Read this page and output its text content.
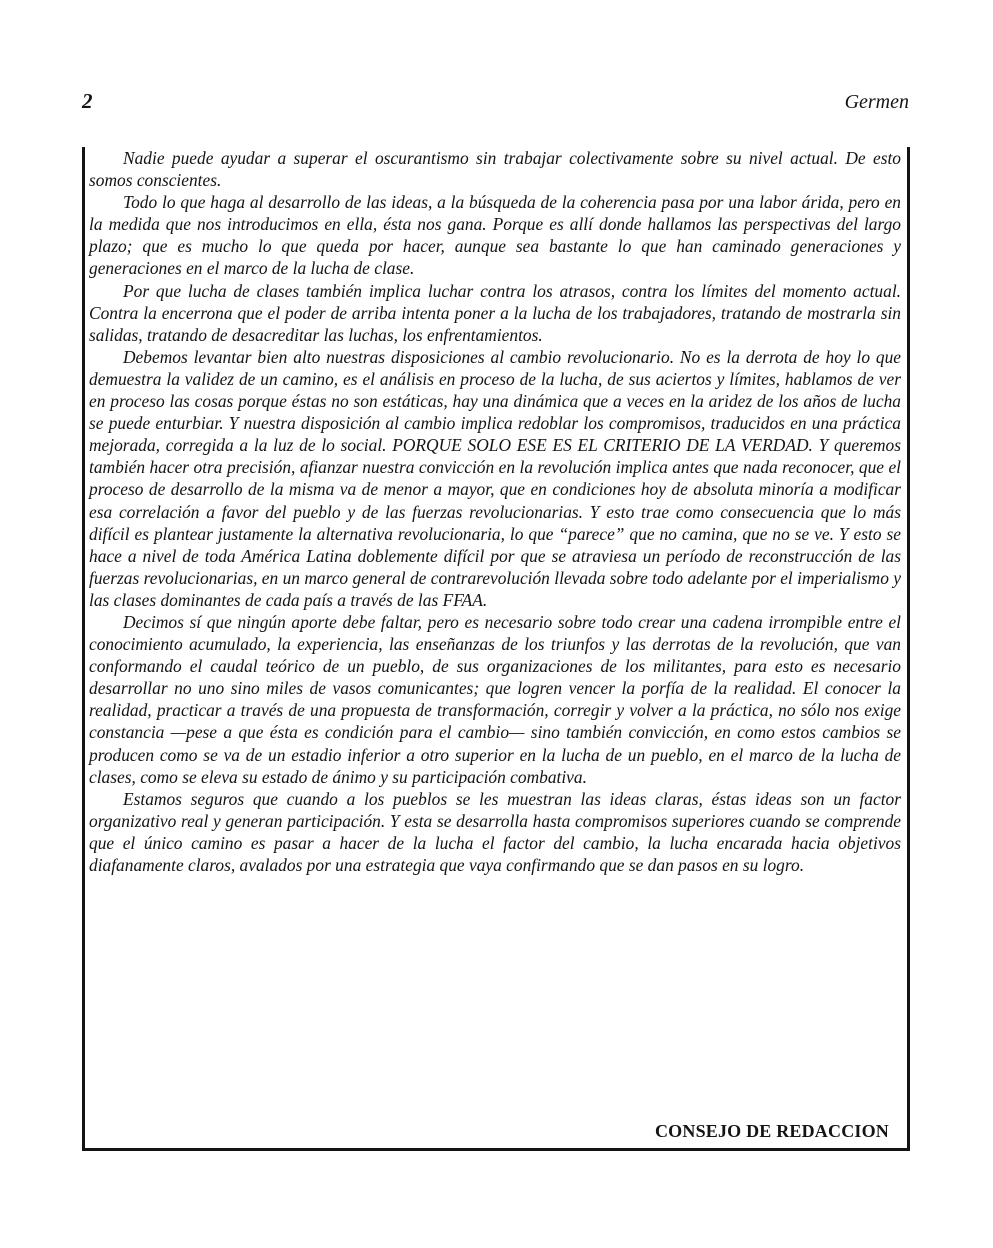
2	Germen

Nadie puede ayudar a superar el oscurantismo sin trabajar colectivamente sobre su nivel actual. De esto somos conscientes.

Todo lo que haga al desarrollo de las ideas, a la búsqueda de la coherencia pasa por una labor árida, pero en la medida que nos introducimos en ella, ésta nos gana. Porque es allí donde hallamos las perspectivas del largo plazo; que es mucho lo que queda por hacer, aunque sea bastante lo que han caminado generaciones y generaciones en el marco de la lucha de clase.

Por que lucha de clases también implica luchar contra los atrasos, contra los límites del momento actual. Contra la encerrona que el poder de arriba intenta poner a la lucha de los trabajadores, tratando de mostrarla sin salidas, tratando de desacreditar las luchas, los enfrentamientos.

Debemos levantar bien alto nuestras disposiciones al cambio revolucionario. No es la derrota de hoy lo que demuestra la validez de un camino, es el análisis en proceso de la lucha, de sus aciertos y límites, hablamos de ver en proceso las cosas porque éstas no son estáticas, hay una dinámica que a veces en la aridez de los años de lucha se puede enturbiar. Y nuestra disposición al cambio implica redoblar los compromisos, traducidos en una práctica mejorada, corregida a la luz de lo social. PORQUE SOLO ESE ES EL CRITERIO DE LA VERDAD. Y queremos también hacer otra precisión, afianzar nuestra convicción en la revolución implica antes que nada reconocer, que el proceso de desarrollo de la misma va de menor a mayor, que en condiciones hoy de absoluta minoría a modificar esa correlación a favor del pueblo y de las fuerzas revolucionarias. Y esto trae como consecuencia que lo más difícil es plantear justamente la alternativa revolucionaria, lo que “parece” que no camina, que no se ve. Y esto se hace a nivel de toda América Latina doblemente difícil por que se atraviesa un período de reconstrucción de las fuerzas revolucionarias, en un marco general de contrarevolución llevada sobre todo adelante por el imperialismo y las clases dominantes de cada país a través de las FFAA.

Decimos sí que ningún aporte debe faltar, pero es necesario sobre todo crear una cadena irrompible entre el conocimiento acumulado, la experiencia, las enseñanzas de los triunfos y las derrotas de la revolución, que van conformando el caudal teórico de un pueblo, de sus organizaciones de los militantes, para esto es necesario desarrollar no uno sino miles de vasos comunicantes; que logren vencer la porfía de la realidad. El conocer la realidad, practicar a través de una propuesta de transformación, corregir y volver a la práctica, no sólo nos exige constancia —pese a que ésta es condición para el cambio— sino también convicción, en como estos cambios se producen como se va de un estadio inferior a otro superior en la lucha de un pueblo, en el marco de la lucha de clases, como se eleva su estado de ánimo y su participación combativa.

Estamos seguros que cuando a los pueblos se les muestran las ideas claras, éstas ideas son un factor organizativo real y generan participación. Y esta se desarrolla hasta compromisos superiores cuando se comprende que el único camino es pasar a hacer de la lucha el factor del cambio, la lucha encarada hacia objetivos diafanamente claros, avalados por una estrategia que vaya confirmando que se dan pasos en su logro.

CONSEJO DE REDACCION
